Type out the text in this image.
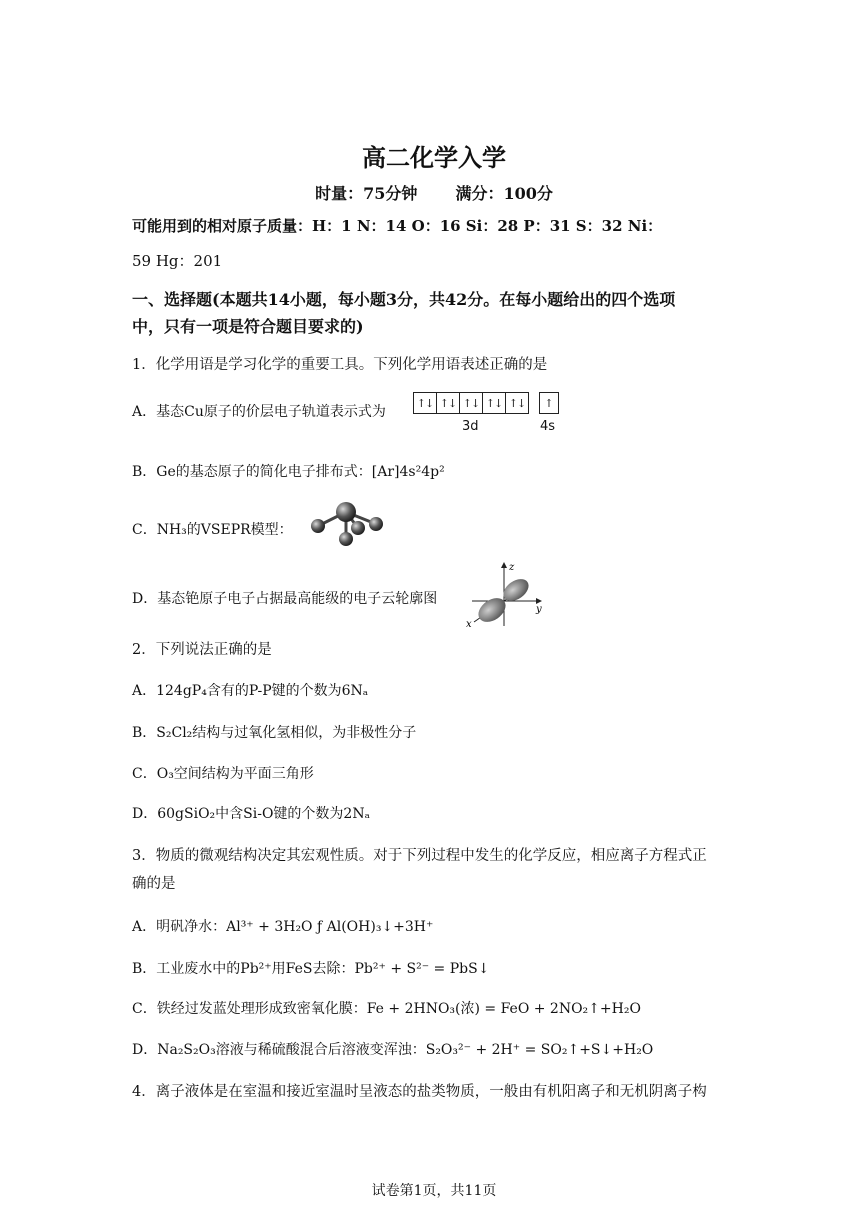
高二化学入学
时量：75分钟 满分：100分
可能用到的相对原子质量：H：1 N：14 O：16 Si：28 P：31 S：32 Ni：
59 Hg：201
一、选择题(本题共14小题，每小题3分，共42分。在每小题给出的四个选项
中，只有一项是符合题目要求的)
1．化学用语是学习化学的重要工具。下列化学用语表述正确的是
A．基态Cu原子的价层电子轨道表示式为
↑↓ ↑↓ ↑↓ ↑↓ ↑↓	↑
3d	4s
B．Ge的基态原子的简化电子排布式：[Ar]4s²4p²
C．NH₃的VSEPR模型：
D．基态铯原子电子占据最高能级的电子云轮廓图
z
y
x
2．下列说法正确的是
A．124gP₄含有的P-P键的个数为6Nₐ
B．S₂Cl₂结构与过氧化氢相似，为非极性分子
C．O₃空间结构为平面三角形
D．60gSiO₂中含Si-O键的个数为2Nₐ
3．物质的微观结构决定其宏观性质。对于下列过程中发生的化学反应，相应离子方程式正
确的是
A．明矾净水：Al³⁺ + 3H₂O ƒ Al(OH)₃↓+3H⁺
B．工业废水中的Pb²⁺用FeS去除：Pb²⁺ + S²⁻ = PbS↓
C．铁经过发蓝处理形成致密氧化膜：Fe + 2HNO₃(浓) = FeO + 2NO₂↑+H₂O
D．Na₂S₂O₃溶液与稀硫酸混合后溶液变浑浊：S₂O₃²⁻ + 2H⁺ = SO₂↑+S↓+H₂O
4．离子液体是在室温和接近室温时呈液态的盐类物质，一般由有机阳离子和无机阴离子构
试卷第1页，共11页
